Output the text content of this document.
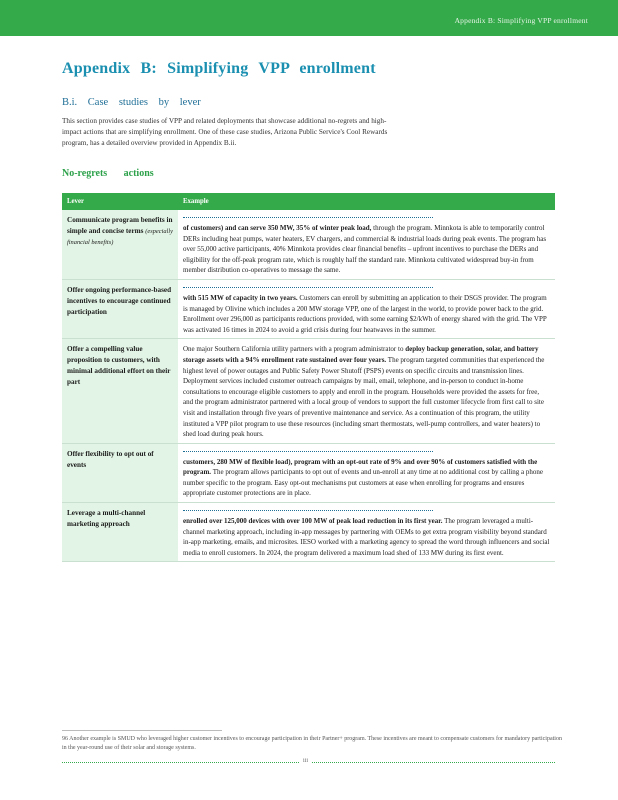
Appendix B: Simplifying VPP enrollment
Appendix B: Simplifying VPP enrollment
B.i. Case studies by lever
This section provides case studies of VPP and related deployments that showcase additional no-regrets and high-impact actions that are simplifying enrollment. One of these case studies, Arizona Public Service's Cool Rewards program, has a detailed overview provided in Appendix B.ii.
No-regrets actions
Lever	Example
Communicate program benefits in simple and concise terms (especially financial benefits)	of customers) and can serve 350 MW, 35% of winter peak load, through the program. Minnkota is able to temporarily control DERs including heat pumps, water heaters, EV chargers, and commercial & industrial loads during peak events. The program has over 55,000 active participants, 40% Minnkota provides clear financial benefits – upfront incentives to purchase the DERs and eligibility for the off-peak program rate, which is roughly half the standard rate. Minnkota cultivated widespread buy-in from member distribution co-operatives to message the same.
Offer ongoing performance-based incentives to encourage continued participation	with 515 MW of capacity in two years. Customers can enroll by submitting an application to their DSGS provider. The program is managed by Olivine which includes a 200 MW storage VPP, one of the largest in the world, to provide power back to the grid. Enrollment over 296,000 as participants reductions provided, with some earning $2/kWh of energy shared with the grid. The VPP was activated 16 times in 2024 to avoid a grid crisis during four heatwaves in the summer.
Offer a compelling value proposition to customers, with minimal additional effort on their part	One major Southern California utility partners with a program administrator to deploy backup generation, solar, and battery storage assets with a 94% enrollment rate sustained over four years. The program targeted communities that experienced the highest level of power outages and Public Safety Power Shutoff (PSPS) events on specific circuits and transmission lines. Deployment services included customer outreach campaigns by mail, email, telephone, and in-person to conduct in-home consultations to encourage eligible customers to apply and enroll in the program. Households were provided the assets for free, and the program administrator partnered with a local group of vendors to support the full customer lifecycle from first call to site visit and installation through five years of preventive maintenance and service. As a continuation of this program, the utility instituted a VPP pilot program to use these resources (including smart thermostats, well-pump controllers, and water heaters) to shed load during peak hours.
Offer flexibility to opt out of events	customers, 280 MW of flexible load), program with an opt-out rate of 9% and over 90% of customers satisfied with the program. The program allows participants to opt out of events and un-enroll at any time at no additional cost by calling a phone number specific to the program. Easy opt-out mechanisms put customers at ease when enrolling for programs and ensures appropriate customer protections are in place.
Leverage a multi-channel marketing approach	enrolled over 125,000 devices with over 100 MW of peak load reduction in its first year. The program leveraged a multi-channel marketing approach, including in-app messages by partnering with OEMs to get extra program visibility beyond standard in-app marketing, emails, and microsites. IESO worked with a marketing agency to spread the word through influencers and social media to enroll customers. In 2024, the program delivered a maximum load shed of 133 MW during its first event.
96 Another example is SMUD who leveraged higher customer incentives to encourage participation in their Partner+ program. These incentives are meant to compensate customers for mandatory participation in the year-round use of their solar and storage systems.
iii
